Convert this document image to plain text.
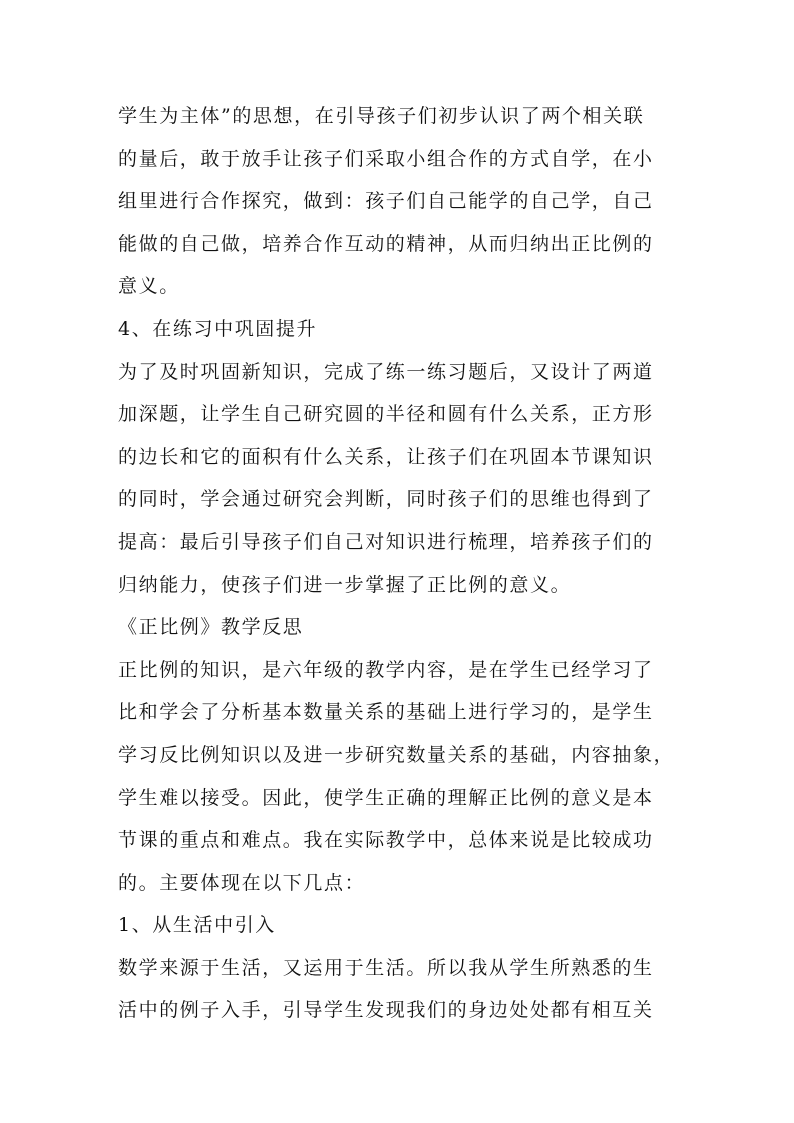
学生为主体”的思想，在引导孩子们初步认识了两个相关联
的量后，敢于放手让孩子们采取小组合作的方式自学，在小
组里进行合作探究，做到：孩子们自己能学的自己学，自己
能做的自己做，培养合作互动的精神，从而归纳出正比例的
意义。
4、在练习中巩固提升
为了及时巩固新知识，完成了练一练习题后，又设计了两道
加深题，让学生自己研究圆的半径和圆有什么关系，正方形
的边长和它的面积有什么关系，让孩子们在巩固本节课知识
的同时，学会通过研究会判断，同时孩子们的思维也得到了
提高：最后引导孩子们自己对知识进行梳理，培养孩子们的
归纳能力，使孩子们进一步掌握了正比例的意义。
《正比例》教学反思
正比例的知识，是六年级的教学内容，是在学生已经学习了
比和学会了分析基本数量关系的基础上进行学习的，是学生
学习反比例知识以及进一步研究数量关系的基础，内容抽象，
学生难以接受。因此，使学生正确的理解正比例的意义是本
节课的重点和难点。我在实际教学中，总体来说是比较成功
的。主要体现在以下几点：
1、从生活中引入
数学来源于生活，又运用于生活。所以我从学生所熟悉的生
活中的例子入手，引导学生发现我们的身边处处都有相互关
